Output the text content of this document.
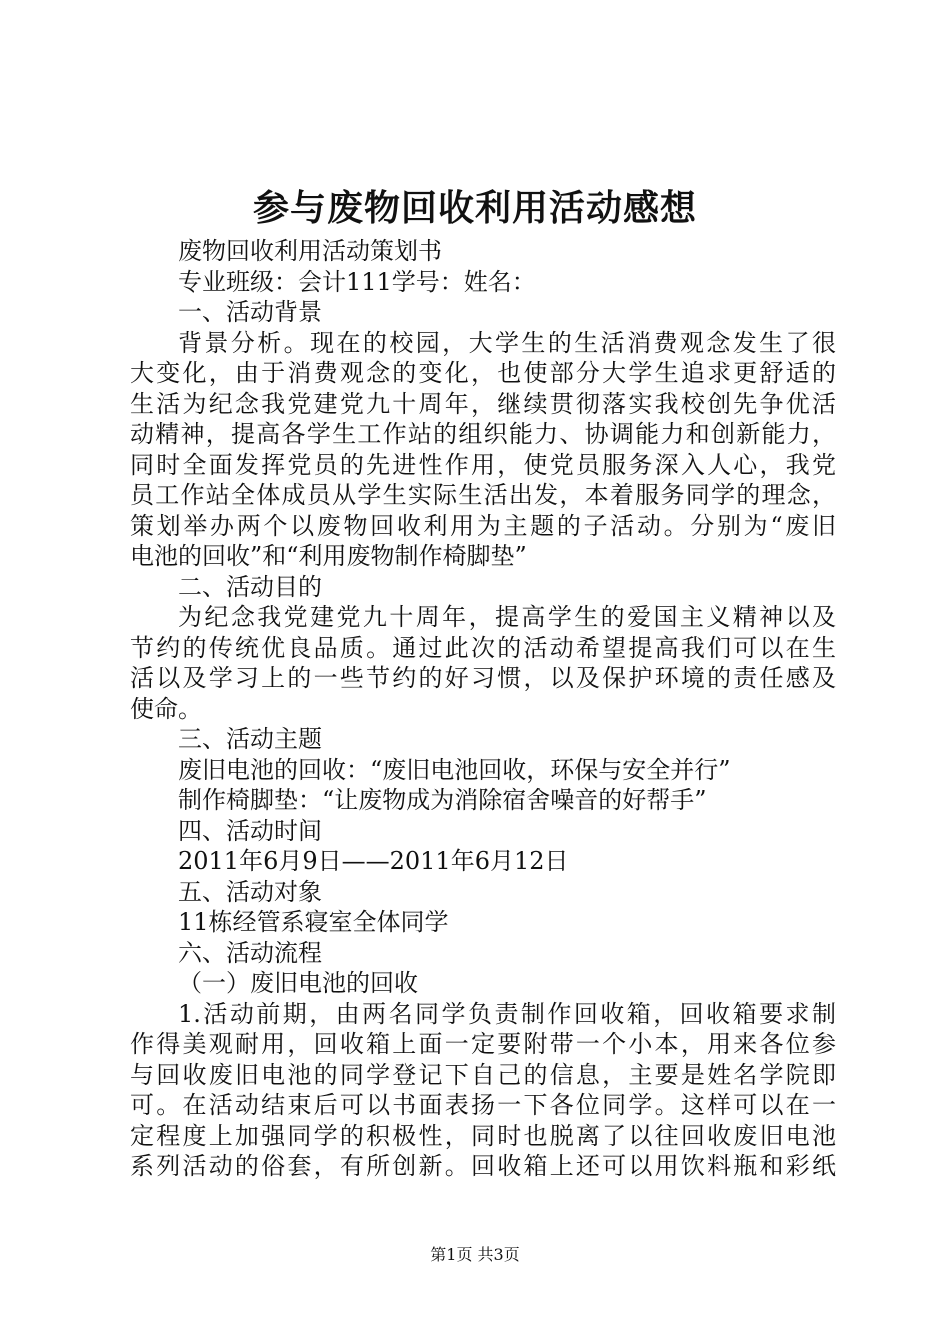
参与废物回收利用活动感想

废物回收利用活动策划书

专业班级：会计111学号：姓名：

一、活动背景

背景分析。现在的校园，大学生的生活消费观念发生了很

大变化，由于消费观念的变化，也使部分大学生追求更舒适的

生活为纪念我党建党九十周年，继续贯彻落实我校创先争优活

动精神，提高各学生工作站的组织能力、协调能力和创新能力，

同时全面发挥党员的先进性作用，使党员服务深入人心，我党

员工作站全体成员从学生实际生活出发，本着服务同学的理念，

策划举办两个以废物回收利用为主题的子活动。分别为“废旧

电池的回收”和“利用废物制作椅脚垫”

二、活动目的

为纪念我党建党九十周年，提高学生的爱国主义精神以及

节约的传统优良品质。通过此次的活动希望提高我们可以在生

活以及学习上的一些节约的好习惯，以及保护环境的责任感及

使命。

三、活动主题

废旧电池的回收：“废旧电池回收，环保与安全并行”

制作椅脚垫：“让废物成为消除宿舍噪音的好帮手”

四、活动时间

2011年6月9日——2011年6月12日

五、活动对象

11栋经管系寝室全体同学

六、活动流程

（一）废旧电池的回收

1.活动前期，由两名同学负责制作回收箱，回收箱要求制

作得美观耐用，回收箱上面一定要附带一个小本，用来各位参

与回收废旧电池的同学登记下自己的信息，主要是姓名学院即

可。在活动结束后可以书面表扬一下各位同学。这样可以在一

定程度上加强同学的积极性，同时也脱离了以往回收废旧电池

系列活动的俗套，有所创新。回收箱上还可以用饮料瓶和彩纸

第1页 共3页
